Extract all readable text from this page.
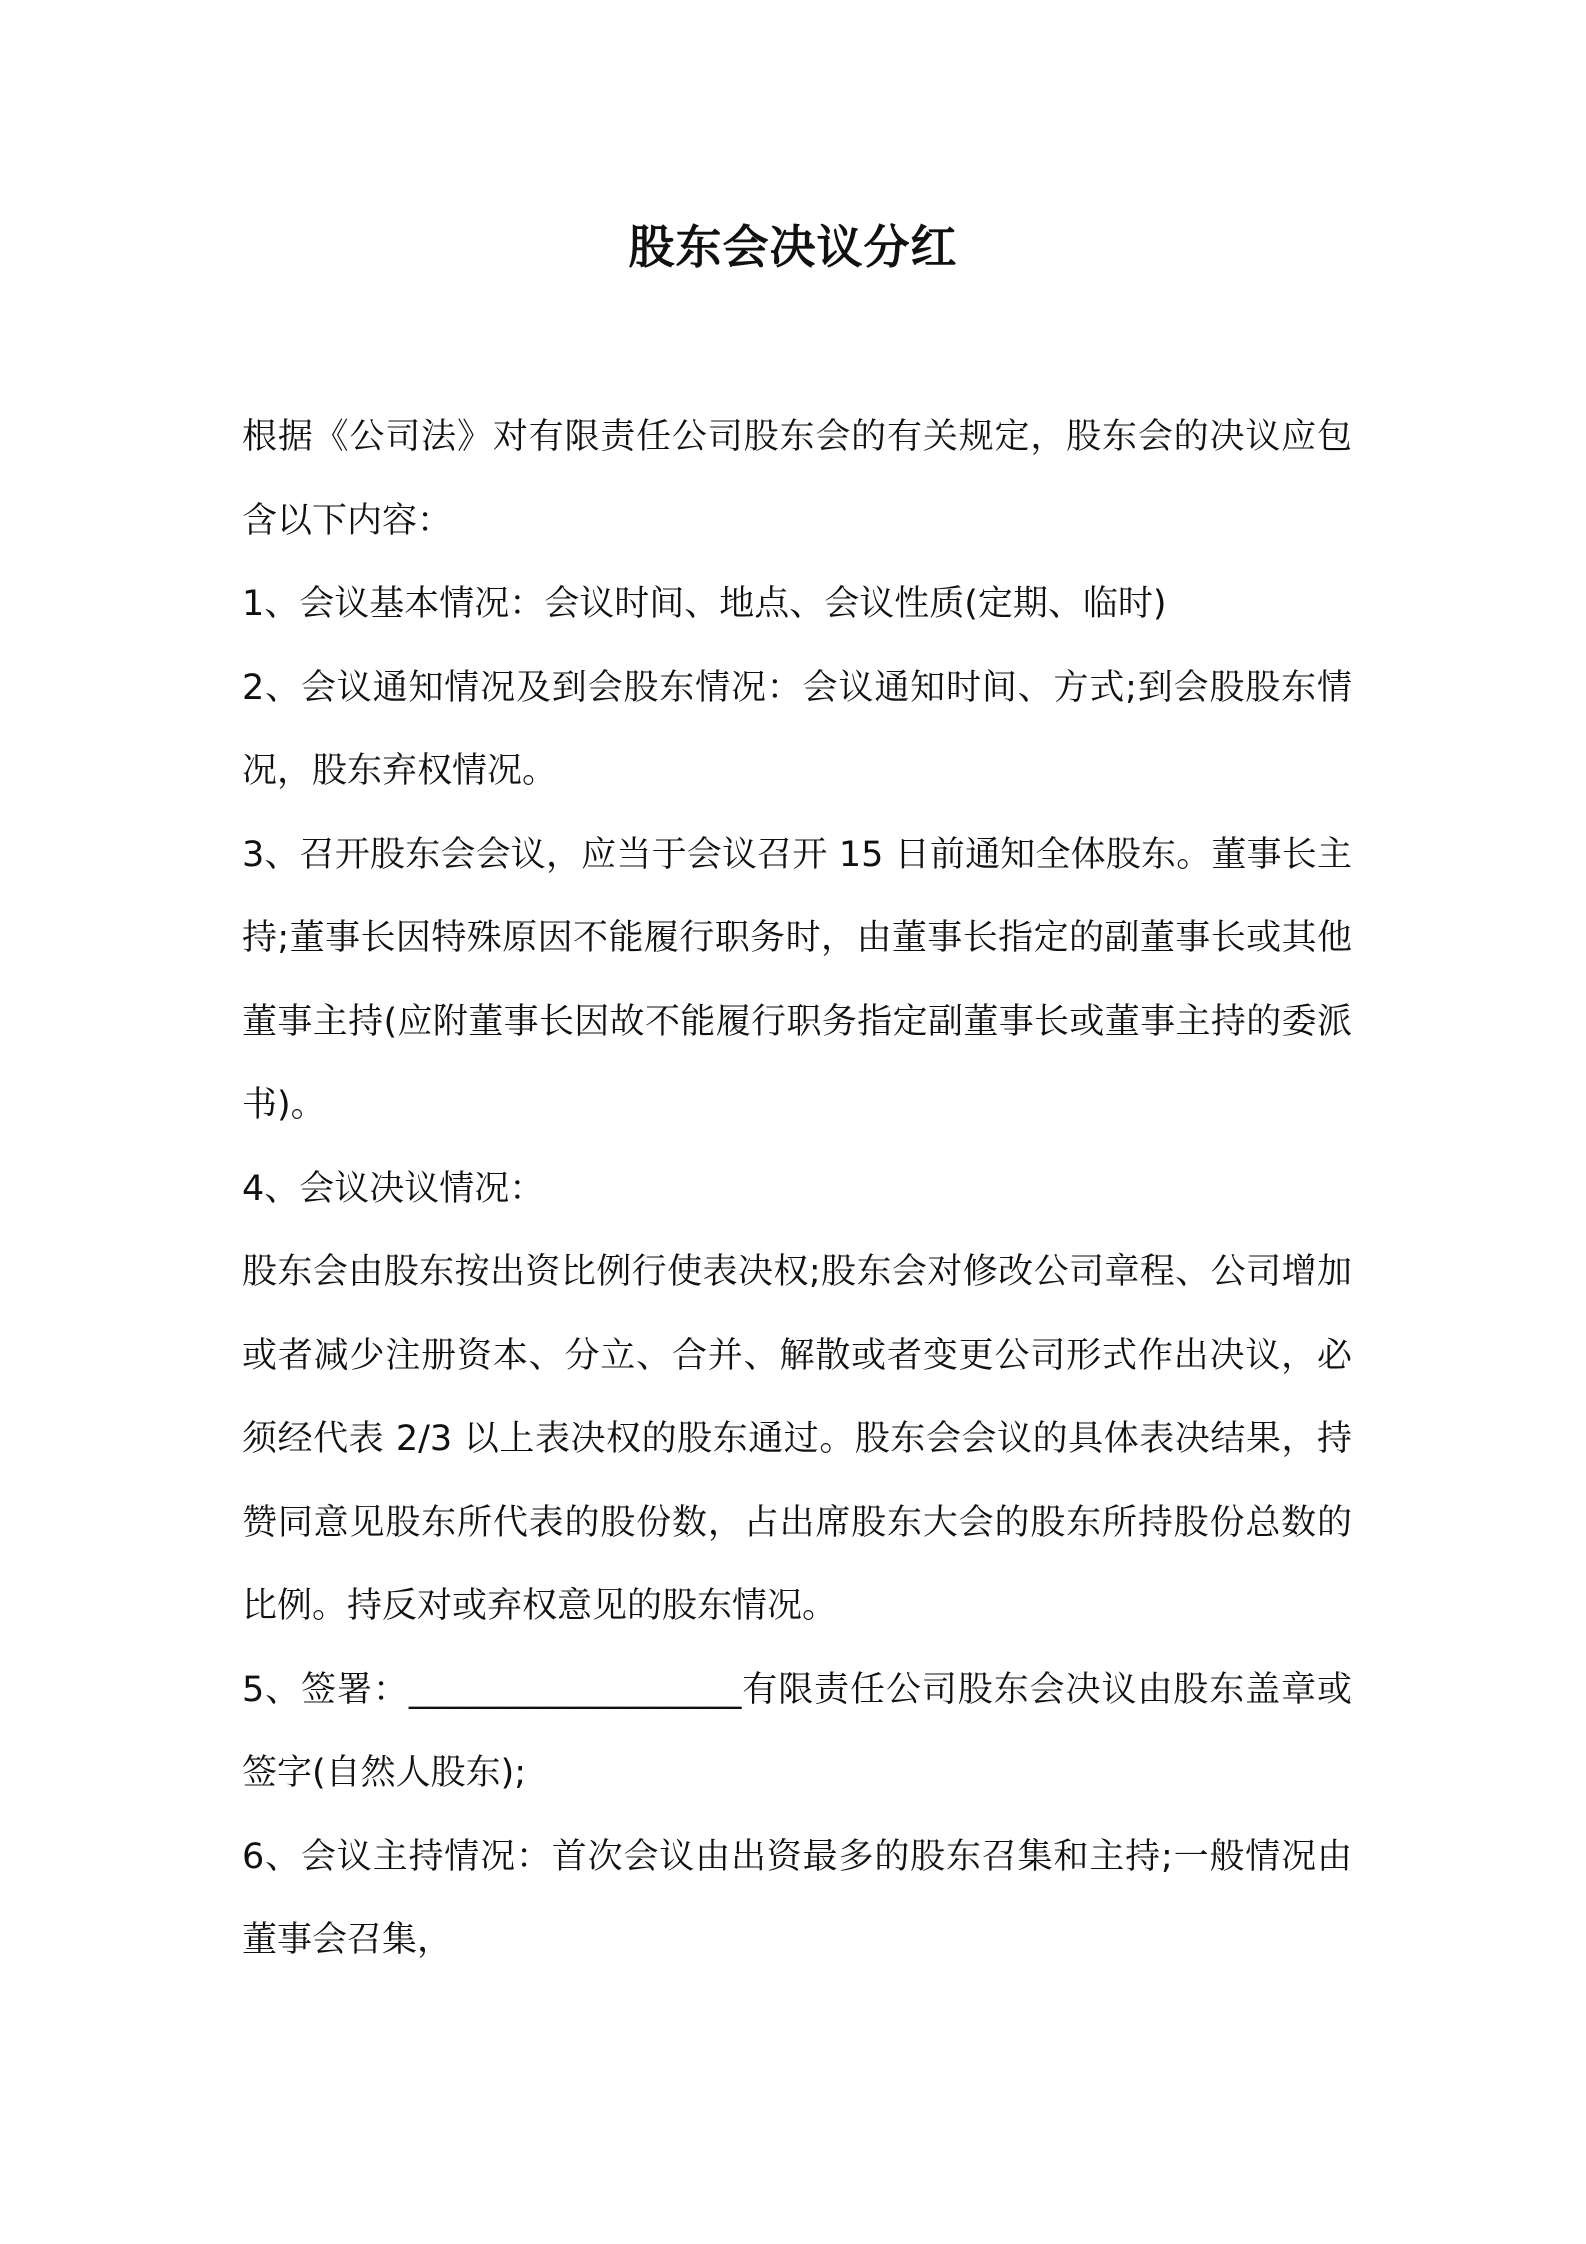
股东会决议分红

根据《公司法》对有限责任公司股东会的有关规定，股东会的决议应包含以下内容：

1、会议基本情况：会议时间、地点、会议性质(定期、临时)

2、会议通知情况及到会股东情况：会议通知时间、方式;到会股股东情况，股东弃权情况。

3、召开股东会会议，应当于会议召开 15 日前通知全体股东。董事长主持;董事长因特殊原因不能履行职务时，由董事长指定的副董事长或其他董事主持(应附董事长因故不能履行职务指定副董事长或董事主持的委派书)。

4、会议决议情况：

股东会由股东按出资比例行使表决权;股东会对修改公司章程、公司增加或者减少注册资本、分立、合并、解散或者变更公司形式作出决议，必须经代表 2/3 以上表决权的股东通过。股东会会议的具体表决结果，持赞同意见股东所代表的股份数，占出席股东大会的股东所持股份总数的比例。持反对或弃权意见的股东情况。

5、签署：___________________有限责任公司股东会决议由股东盖章或签字(自然人股东);

6、会议主持情况：首次会议由出资最多的股东召集和主持;一般情况由董事会召集，
